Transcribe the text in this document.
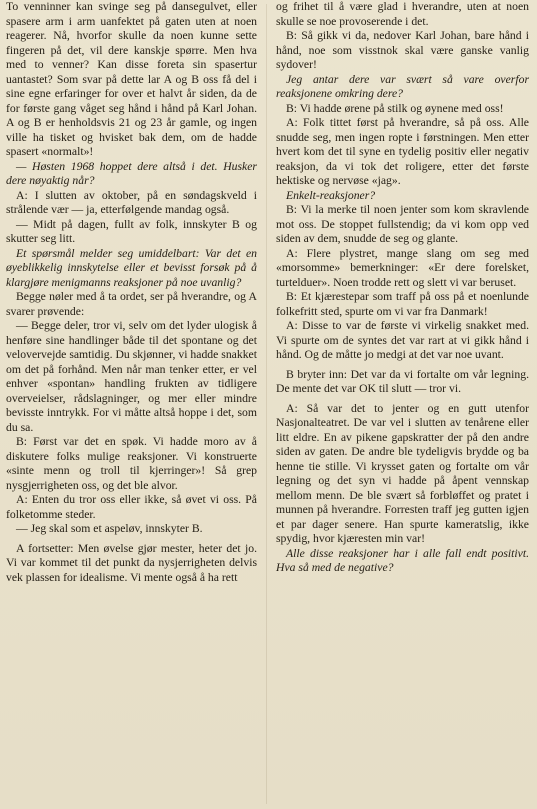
To venninner kan svinge seg på dansegulvet, eller spasere arm i arm uanfektet på gaten uten at noen reagerer. Nå, hvorfor skulle da noen kunne sette fingeren på det, vil dere kanskje spørre. Men hva med to venner? Kan disse foreta sin spasertur uantastet? Som svar på dette lar A og B oss få del i sine egne erfaringer for over et halvt år siden, da de for første gang våget seg hånd i hånd på Karl Johan. A og B er henholdsvis 21 og 23 år gamle, og ingen ville ha tisket og hvisket bak dem, om de hadde spasert «normalt»!

— Høsten 1968 hoppet dere altså i det. Husker dere nøyaktig når?

A: I slutten av oktober, på en søndagskveld i strålende vær — ja, etterfølgende mandag også.

— Midt på dagen, fullt av folk, innskyter B og skutter seg litt.

Et spørsmål melder seg umiddelbart: Var det en øyeblikkelig innskytelse eller et bevisst forsøk på å klargjøre menigmanns reaksjoner på noe uvanlig?

Begge nøler med å ta ordet, ser på hverandre, og A svarer prøvende:

— Begge deler, tror vi, selv om det lyder ulogisk å henføre sine handlinger både til det spontane og det velovervejde samtidig. Du skjønner, vi hadde snakket om det på forhånd. Men når man tenker etter, er vel enhver «spontan» handling frukten av tidligere overveielser, rådslagninger, og mer eller mindre bevisste inntrykk. For vi måtte altså hoppe i det, som du sa.

B: Først var det en spøk. Vi hadde moro av å diskutere folks mulige reaksjoner. Vi konstruerte «sinte menn og troll til kjerringer»! Så grep nysgjerrigheten oss, og det ble alvor.

A: Enten du tror oss eller ikke, så øvet vi oss. På folketomme steder.

— Jeg skal som et aspeløv, innskyter B.

A fortsetter: Men øvelse gjør mester, heter det jo. Vi var kommet til det punkt da nysjerrigheten delvis vek plassen for idealisme. Vi mente også å ha rett

og frihet til å være glad i hverandre, uten at noen skulle se noe provoserende i det.

B: Så gikk vi da, nedover Karl Johan, bare hånd i hånd, noe som visstnok skal være ganske vanlig sydover!

Jeg antar dere var svært så vare overfor reaksjonene omkring dere?

B: Vi hadde ørene på stilk og øynene med oss!

A: Folk tittet først på hverandre, så på oss. Alle snudde seg, men ingen ropte i førstningen. Men etter hvert kom det til syne en tydelig positiv eller negativ reaksjon, da vi tok det roligere, etter det første hektiske og nervøse «jag».

Enkelt-reaksjoner?

B: Vi la merke til noen jenter som kom skravlende mot oss. De stoppet fullstendig; da vi kom opp ved siden av dem, snudde de seg og glante.

A: Flere plystret, mange slang om seg med «morsomme» bemerkninger: «Er dere forelsket, turtelduer». Noen trodde rett og slett vi var beruset.

B: Et kjærestepar som traff på oss på et noenlunde folkefritt sted, spurte om vi var fra Danmark!

A: Disse to var de første vi virkelig snakket med. Vi spurte om de syntes det var rart at vi gikk hånd i hånd. Og de måtte jo medgi at det var noe uvant.

B bryter inn: Det var da vi fortalte om vår legning. De mente det var OK til slutt — tror vi.

A: Så var det to jenter og en gutt utenfor Nasjonalteatret. De var vel i slutten av tenårene eller litt eldre. En av pikene gapskratter der på den andre siden av gaten. De andre ble tydeligvis brydde og ba henne tie stille. Vi krysset gaten og fortalte om vår legning og det syn vi hadde på åpent vennskap mellom menn. De ble svært så forbløffet og pratet i munnen på hverandre. Forresten traff jeg gutten igjen et par dager senere. Han spurte kameratslig, ikke spydig, hvor kjæresten min var!

Alle disse reaksjoner har i alle fall endt positivt. Hva så med de negative?
